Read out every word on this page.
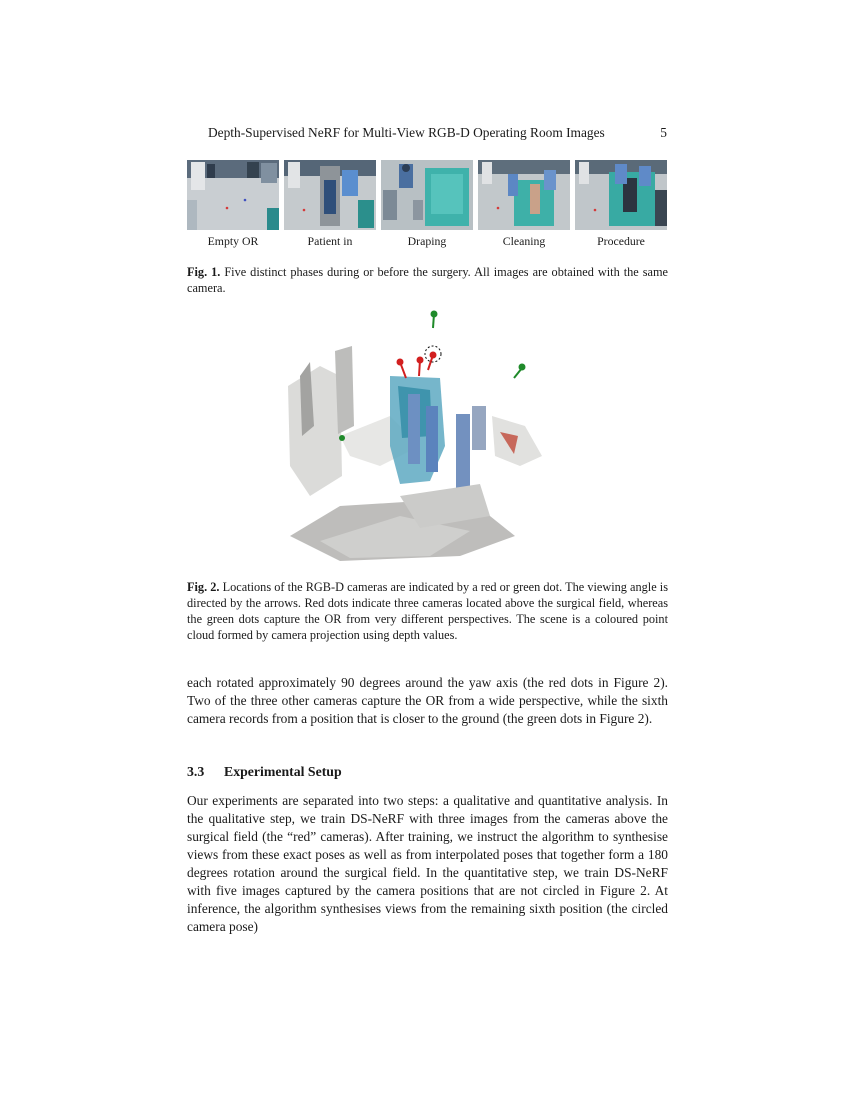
Depth-Supervised NeRF for Multi-View RGB-D Operating Room Images	5
Empty OR	Patient in	Draping	Cleaning	Procedure
Fig. 1. Five distinct phases during or before the surgery. All images are obtained with the same camera.
Fig. 2. Locations of the RGB-D cameras are indicated by a red or green dot. The viewing angle is directed by the arrows. Red dots indicate three cameras located above the surgical field, whereas the green dots capture the OR from very different perspectives. The scene is a coloured point cloud formed by camera projection using depth values.
each rotated approximately 90 degrees around the yaw axis (the red dots in Figure 2). Two of the three other cameras capture the OR from a wide perspective, while the sixth camera records from a position that is closer to the ground (the green dots in Figure 2).
3.3 Experimental Setup
Our experiments are separated into two steps: a qualitative and quantitative analysis. In the qualitative step, we train DS-NeRF with three images from the cameras above the surgical field (the “red” cameras). After training, we instruct the algorithm to synthesise views from these exact poses as well as from interpolated poses that together form a 180 degrees rotation around the surgical field. In the quantitative step, we train DS-NeRF with five images captured by the camera positions that are not circled in Figure 2. At inference, the algorithm synthesises views from the remaining sixth position (the circled camera pose)
